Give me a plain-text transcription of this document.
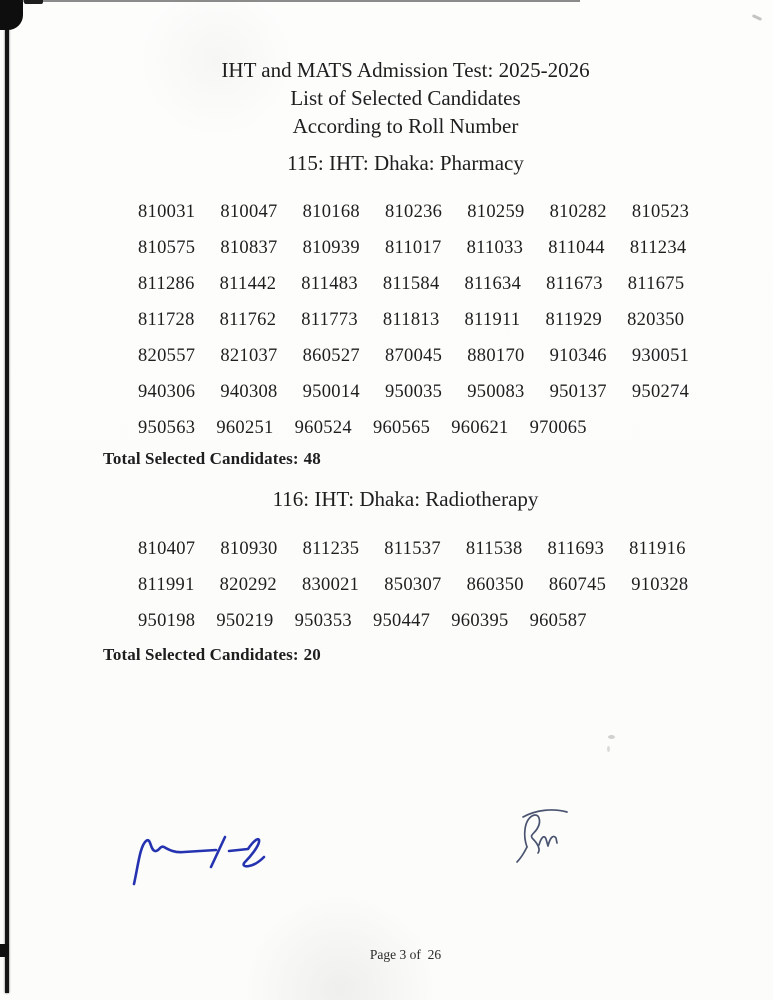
IHT and MATS Admission Test: 2025-2026
List of Selected Candidates
According to Roll Number
115: IHT: Dhaka: Pharmacy
810031 810047 810168 810236 810259 810282 810523
810575 810837 810939 811017 811033 811044 811234
811286 811442 811483 811584 811634 811673 811675
811728 811762 811773 811813 811911 811929 820350
820557 821037 860527 870045 880170 910346 930051
940306 940308 950014 950035 950083 950137 950274
950563 960251 960524 960565 960621 970065
Total Selected Candidates: 48
116: IHT: Dhaka: Radiotherapy
810407 810930 811235 811537 811538 811693 811916
811991 820292 830021 850307 860350 860745 910328
950198 950219 950353 950447 960395 960587
Total Selected Candidates: 20
Page 3 of  26
